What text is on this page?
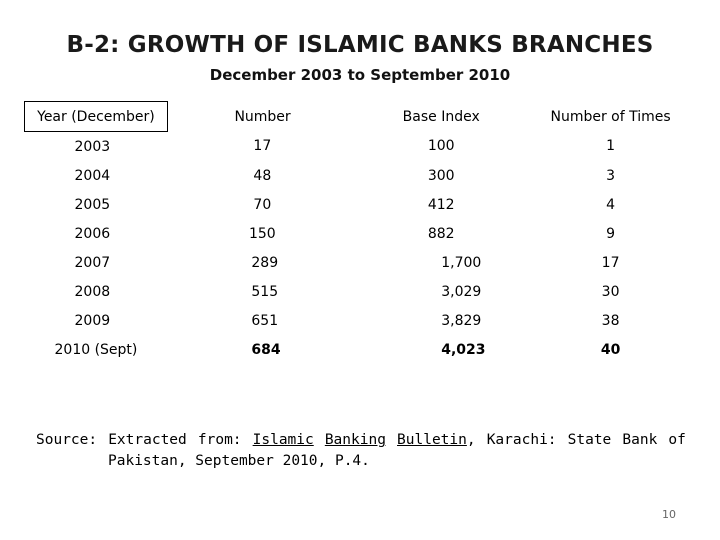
B-2: GROWTH OF ISLAMIC BANKS BRANCHES
December 2003 to September 2010
Year (December)	Number	Base Index	Number of Times
2003	17	100	1
2004	48	300	3
2005	70	412	4
2006	150	882	9
2007	289	1,700	17
2008	515	3,029	30
2009	651	3,829	38
2010 (Sept)	684	4,023	40
Source: Extracted from: Islamic Banking Bulletin, Karachi: State Bank of
Pakistan, September 2010, P.4.
10
